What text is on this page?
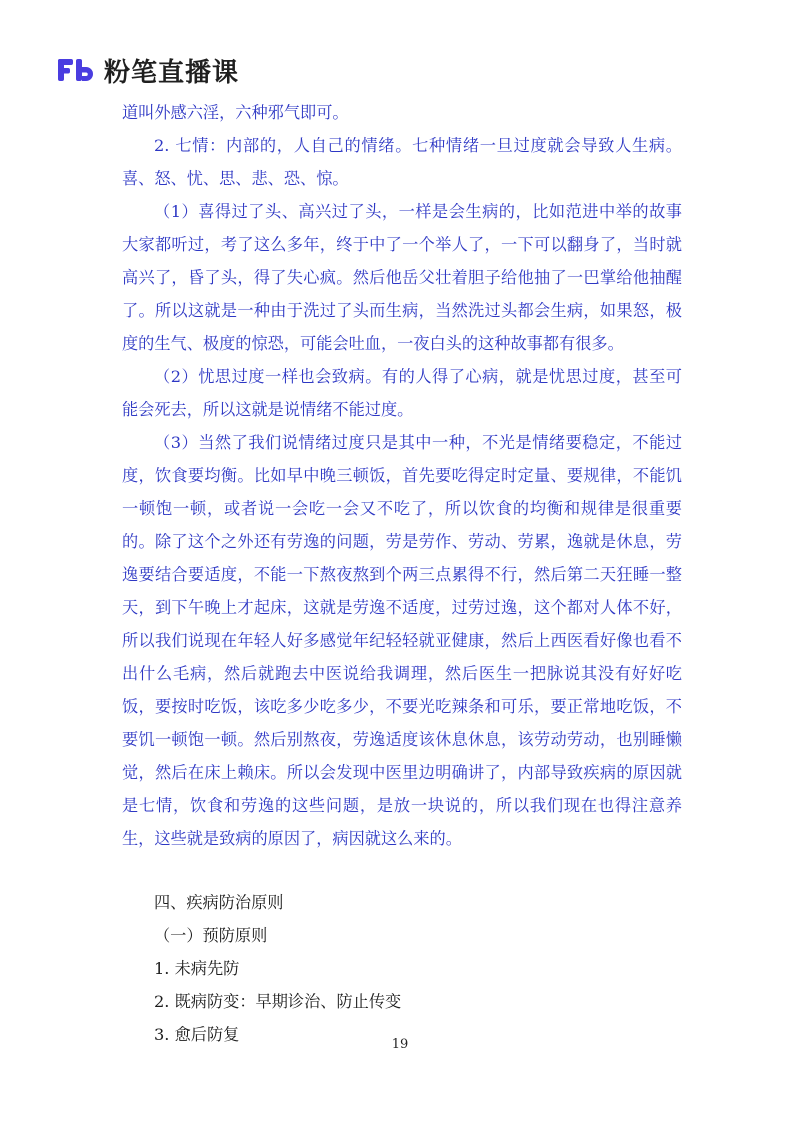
粉笔直播课

道叫外感六淫，六种邪气即可。

2. 七情：内部的，人自己的情绪。七种情绪一旦过度就会导致人生病。喜、怒、忧、思、悲、恐、惊。

（1）喜得过了头、高兴过了头，一样是会生病的，比如范进中举的故事大家都听过，考了这么多年，终于中了一个举人了，一下可以翻身了，当时就高兴了，昏了头，得了失心疯。然后他岳父壮着胆子给他抽了一巴掌给他抽醒了。所以这就是一种由于洗过了头而生病，当然洗过头都会生病，如果怒，极度的生气、极度的惊恐，可能会吐血，一夜白头的这种故事都有很多。

（2）忧思过度一样也会致病。有的人得了心病，就是忧思过度，甚至可能会死去，所以这就是说情绪不能过度。

（3）当然了我们说情绪过度只是其中一种，不光是情绪要稳定，不能过度，饮食要均衡。比如早中晚三顿饭，首先要吃得定时定量、要规律，不能饥一顿饱一顿，或者说一会吃一会又不吃了，所以饮食的均衡和规律是很重要的。除了这个之外还有劳逸的问题，劳是劳作、劳动、劳累，逸就是休息，劳逸要结合要适度，不能一下熬夜熬到个两三点累得不行，然后第二天狂睡一整天，到下午晚上才起床，这就是劳逸不适度，过劳过逸，这个都对人体不好，所以我们说现在年轻人好多感觉年纪轻轻就亚健康，然后上西医看好像也看不出什么毛病，然后就跑去中医说给我调理，然后医生一把脉说其没有好好吃饭，要按时吃饭，该吃多少吃多少，不要光吃辣条和可乐，要正常地吃饭，不要饥一顿饱一顿。然后别熬夜，劳逸适度该休息休息，该劳动劳动，也别睡懒觉，然后在床上赖床。所以会发现中医里边明确讲了，内部导致疾病的原因就是七情，饮食和劳逸的这些问题，是放一块说的，所以我们现在也得注意养生，这些就是致病的原因了，病因就这么来的。

四、疾病防治原则

（一）预防原则

1. 未病先防

2. 既病防变：早期诊治、防止传变

3. 愈后防复

19
